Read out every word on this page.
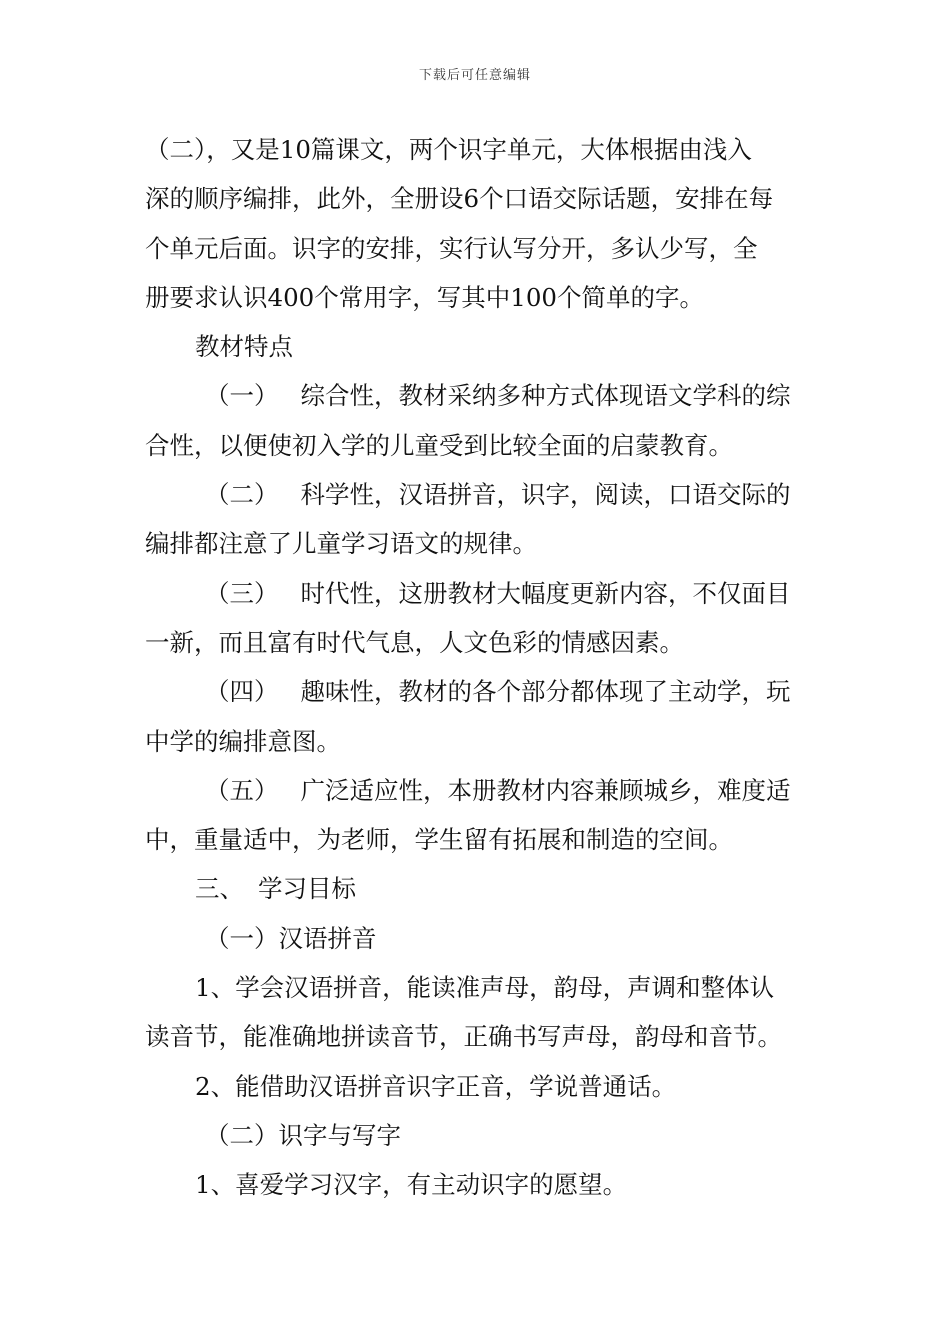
下载后可任意编辑
（二），又是10篇课文，两个识字单元，大体根据由浅入
深的顺序编排，此外，全册设6个口语交际话题，安排在每
个单元后面。识字的安排，实行认写分开，多认少写，全
册要求认识400个常用字，写其中100个简单的字。
教材特点
（一） 综合性，教材采纳多种方式体现语文学科的综
合性，以便使初入学的儿童受到比较全面的启蒙教育。
（二） 科学性，汉语拼音，识字，阅读，口语交际的
编排都注意了儿童学习语文的规律。
（三） 时代性，这册教材大幅度更新内容，不仅面目
一新，而且富有时代气息，人文色彩的情感因素。
（四） 趣味性，教材的各个部分都体现了主动学，玩
中学的编排意图。
（五） 广泛适应性，本册教材内容兼顾城乡，难度适
中，重量适中，为老师，学生留有拓展和制造的空间。
三、 学习目标
（一）汉语拼音
1、学会汉语拼音，能读准声母，韵母，声调和整体认
读音节，能准确地拼读音节，正确书写声母，韵母和音节。
2、能借助汉语拼音识字正音，学说普通话。
（二）识字与写字
1、喜爱学习汉字，有主动识字的愿望。
